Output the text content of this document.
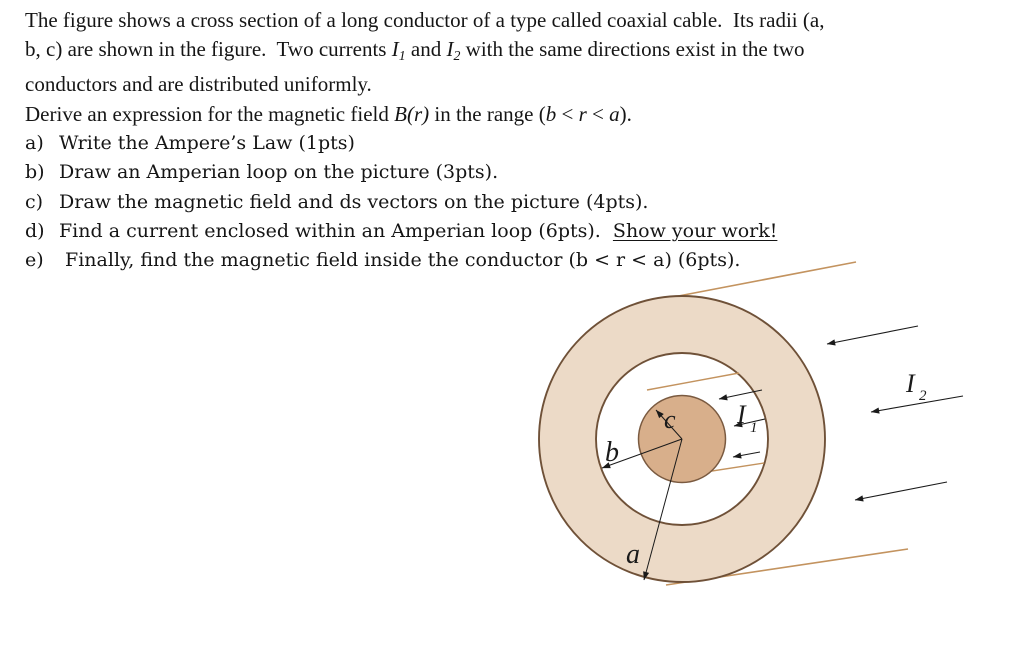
The figure shows a cross section of a long conductor of a type called coaxial cable.  Its radii (a,
b, c) are shown in the figure.  Two currents I1 and I2 with the same directions exist in the two
conductors and are distributed uniformly.
Derive an expression for the magnetic field B(r) in the range (b < r < a).
a) Write the Ampere’s Law (1pts)
b) Draw an Amperian loop on the picture (3pts).
c) Draw the magnetic field and ds vectors on the picture (4pts).
d) Find a current enclosed within an Amperian loop (6pts).  Show your work!
e) Finally, find the magnetic field inside the conductor (b < r < a) (6pts).
c
b
a
I 1
I 2
